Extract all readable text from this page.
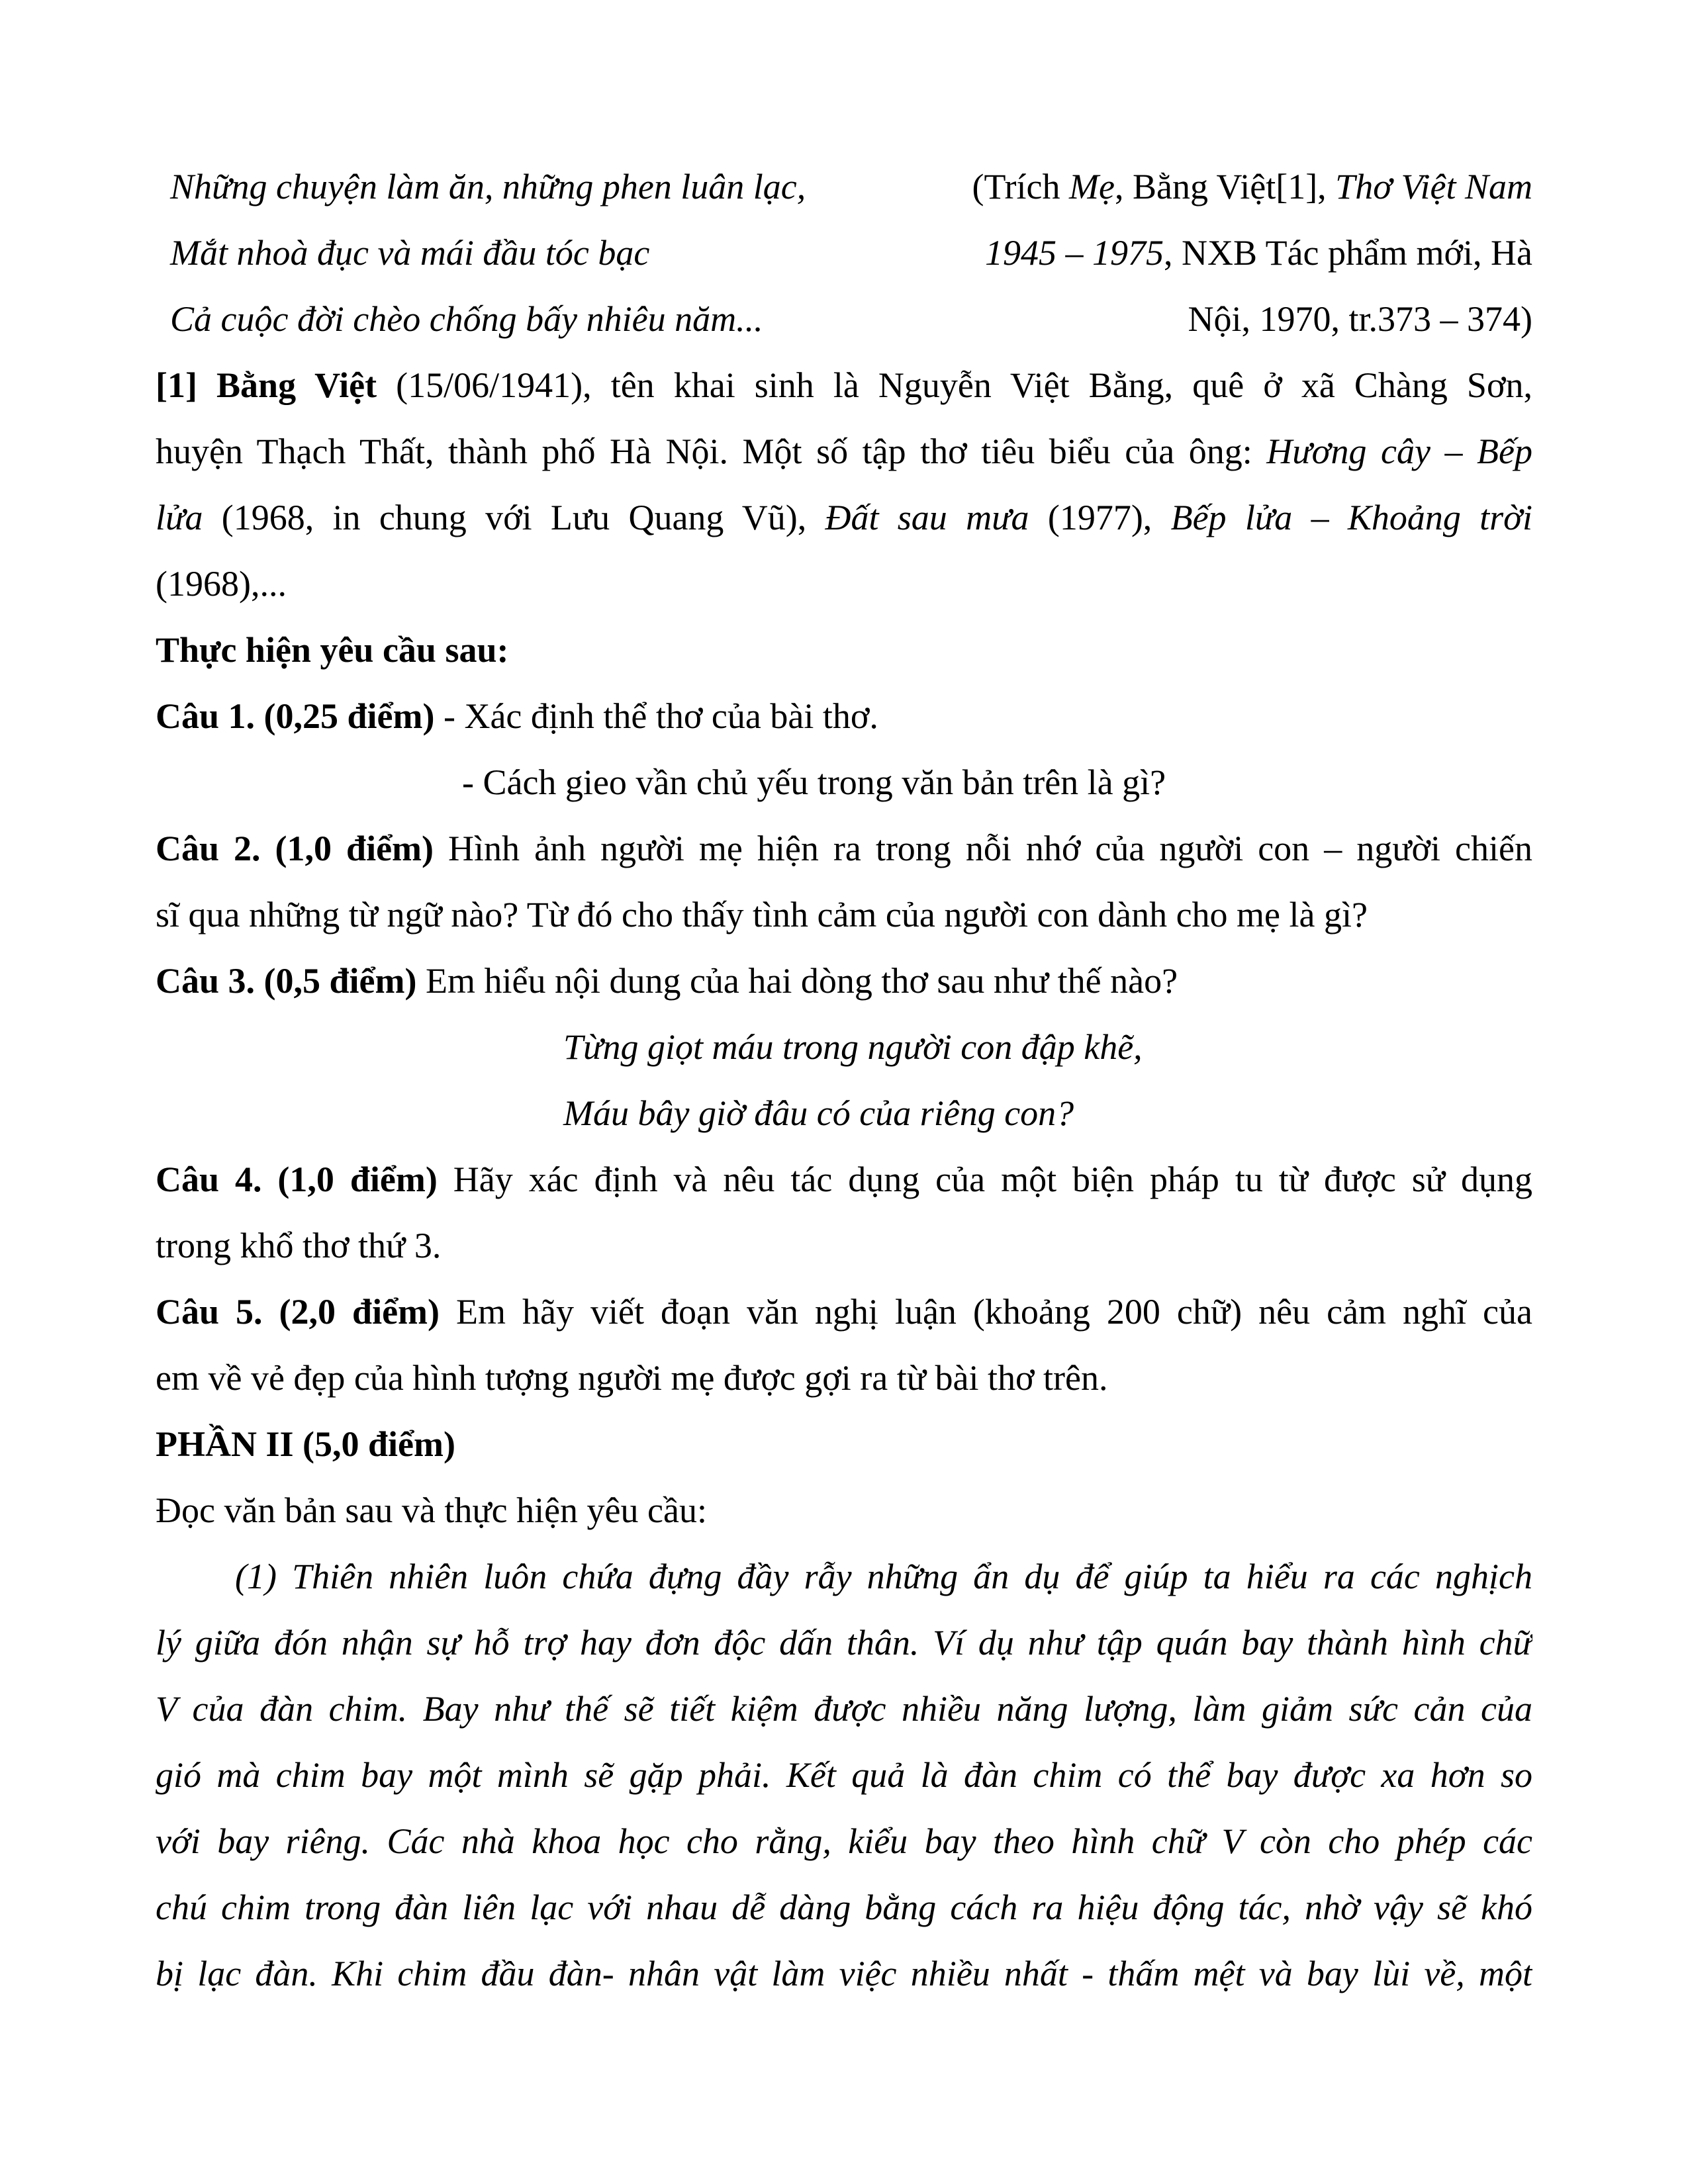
Những chuyện làm ăn, những phen luân lạc,	(Trích Mẹ, Bằng Việt[1], Thơ Việt Nam
Mắt nhoà đục và mái đầu tóc bạc	1945 – 1975, NXB Tác phẩm mới, Hà
Cả cuộc đời chèo chống bấy nhiêu năm...	Nội, 1970, tr.373 – 374)
[1] Bằng Việt (15/06/1941), tên khai sinh là Nguyễn Việt Bằng, quê ở xã Chàng Sơn,
huyện Thạch Thất, thành phố Hà Nội. Một số tập thơ tiêu biểu của ông: Hương cây – Bếp
lửa (1968, in chung với Lưu Quang Vũ), Đất sau mưa (1977), Bếp lửa – Khoảng trời
(1968),...
Thực hiện yêu cầu sau:
Câu 1. (0,25 điểm) - Xác định thể thơ của bài thơ.
- Cách gieo vần chủ yếu trong văn bản trên là gì?
Câu 2. (1,0 điểm) Hình ảnh người mẹ hiện ra trong nỗi nhớ của người con – người chiến
sĩ qua những từ ngữ nào? Từ đó cho thấy tình cảm của người con dành cho mẹ là gì?
Câu 3. (0,5 điểm) Em hiểu nội dung của hai dòng thơ sau như thế nào?
Từng giọt máu trong người con đập khẽ,
Máu bây giờ đâu có của riêng con?
Câu 4. (1,0 điểm) Hãy xác định và nêu tác dụng của một biện pháp tu từ được sử dụng
trong khổ thơ thứ 3.
Câu 5. (2,0 điểm) Em hãy viết đoạn văn nghị luận (khoảng 200 chữ) nêu cảm nghĩ của
em về vẻ đẹp của hình tượng người mẹ được gợi ra từ bài thơ trên.
PHẦN II (5,0 điểm)
Đọc văn bản sau và thực hiện yêu cầu:
(1) Thiên nhiên luôn chứa đựng đầy rẫy những ẩn dụ để giúp ta hiểu ra các nghịch
lý giữa đón nhận sự hỗ trợ hay đơn độc dấn thân. Ví dụ như tập quán bay thành hình chữ
V của đàn chim. Bay như thế sẽ tiết kiệm được nhiều năng lượng, làm giảm sức cản của
gió mà chim bay một mình sẽ gặp phải. Kết quả là đàn chim có thể bay được xa hơn so
với bay riêng. Các nhà khoa học cho rằng, kiểu bay theo hình chữ V còn cho phép các
chú chim trong đàn liên lạc với nhau dễ dàng bằng cách ra hiệu động tác, nhờ vậy sẽ khó
bị lạc đàn. Khi chim đầu đàn- nhân vật làm việc nhiều nhất - thấm mệt và bay lùi về, một
